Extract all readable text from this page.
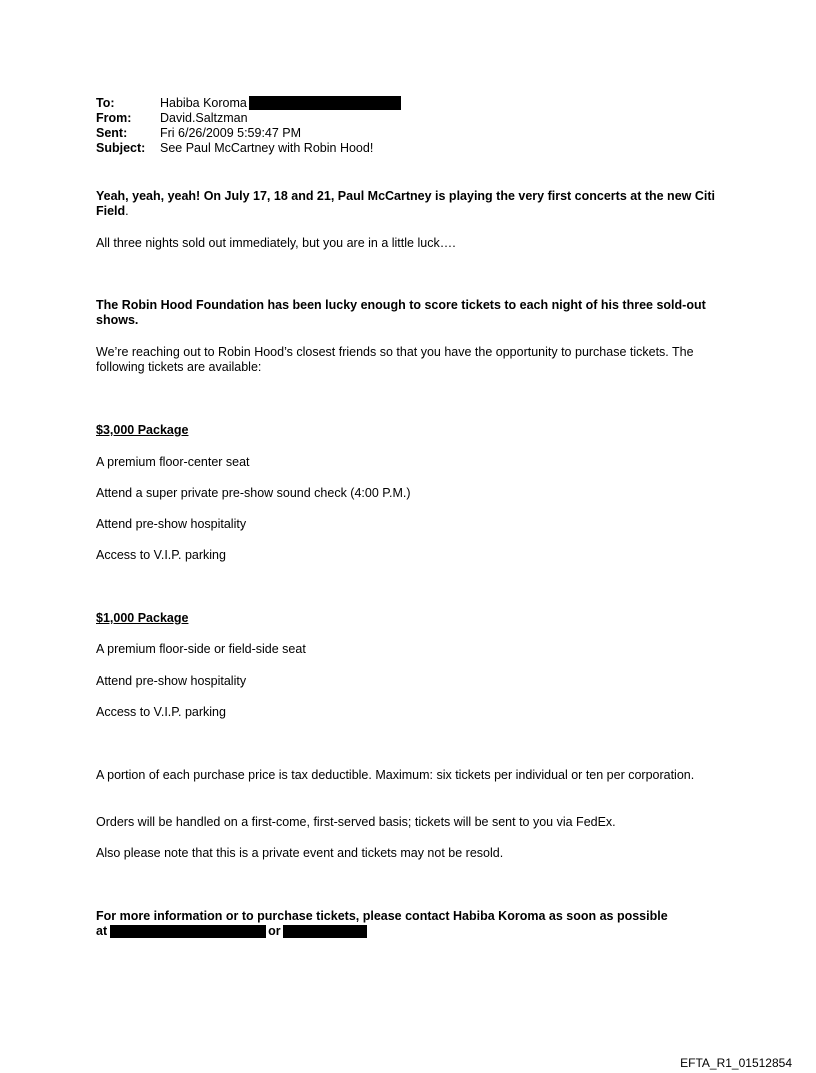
To:	Habiba Koroma
From:	David.Saltzman
Sent:	Fri 6/26/2009 5:59:47 PM
Subject:	See Paul McCartney with Robin Hood!
Yeah, yeah, yeah! On July 17, 18 and 21, Paul McCartney is playing the very first concerts at the new Citi Field.
All three nights sold out immediately, but you are in a little luck….
The Robin Hood Foundation has been lucky enough to score tickets to each night of his three sold-out shows.
We’re reaching out to Robin Hood’s closest friends so that you have the opportunity to purchase tickets. The following tickets are available:
$3,000 Package
A premium floor-center seat
Attend a super private pre-show sound check (4:00 P.M.)
Attend pre-show hospitality
Access to V.I.P. parking
$1,000 Package
A premium floor-side or field-side seat
Attend pre-show hospitality
Access to V.I.P. parking
A portion of each purchase price is tax deductible. Maximum: six tickets per individual or ten per corporation.
Orders will be handled on a first-come, first-served basis; tickets will be sent to you via FedEx.
Also please note that this is a private event and tickets may not be resold.
For more information or to purchase tickets, please contact Habiba Koroma as soon as possible
at	or
EFTA_R1_01512854
